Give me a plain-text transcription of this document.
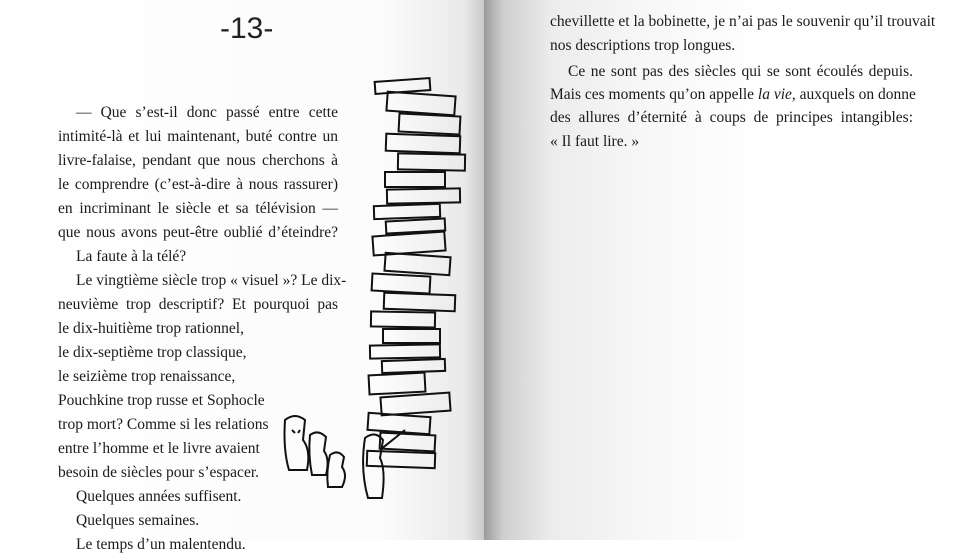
-13-
— Que s’est-il donc passé entre cette
intimité-là et lui maintenant, buté contre un
livre-falaise, pendant que nous cherchons à
le comprendre (c’est-à-dire à nous rassurer)
en incriminant le siècle et sa télévision —
que nous avons peut-être oublié d’éteindre?
La faute à la télé?
Le vingtième siècle trop « visuel »? Le dix-
neuvième trop descriptif? Et pourquoi pas
le dix-huitième trop rationnel,
le dix-septième trop classique,
le seizième trop renaissance,
Pouchkine trop russe et Sophocle
trop mort? Comme si les relations
entre l’homme et le livre avaient
besoin de siècles pour s’espacer.
Quelques années suffisent.
Quelques semaines.
Le temps d’un malentendu.
chevillette et la bobinette, je n’ai pas le souvenir qu’il trouvait
nos descriptions trop longues.
Ce ne sont pas des siècles qui se sont écoulés depuis.
Mais ces moments qu’on appelle la vie, auxquels on donne
des allures d’éternité à coups de principes intangibles:
« Il faut lire. »
